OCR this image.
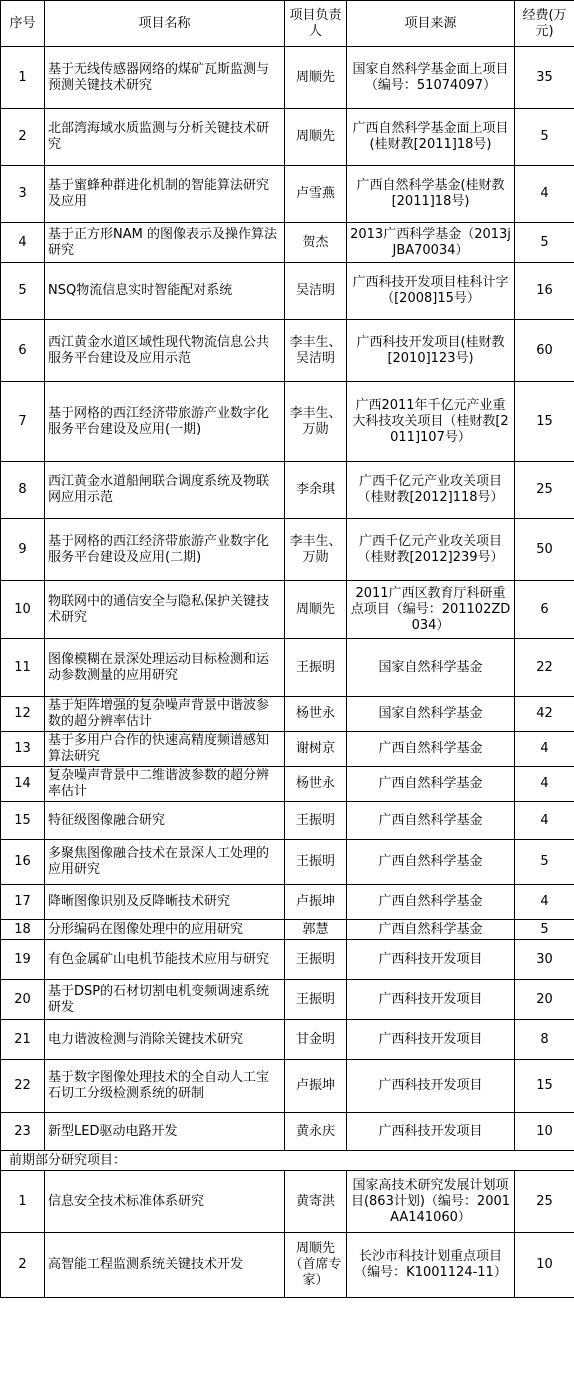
序号	项目名称	项目负责人	项目来源	经费(万元)
1	基于无线传感器网络的煤矿瓦斯监测与预测关键技术研究	周顺先	国家自然科学基金面上项目（编号：51074097）	35
2	北部湾海域水质监测与分析关键技术研究	周顺先	广西自然科学基金面上项目(桂财教[2011]18号)	5
3	基于蜜蜂种群进化机制的智能算法研究及应用	卢雪燕	广西自然科学基金(桂财教[2011]18号)	4
4	基于正方形NAM 的图像表示及操作算法研究	贺杰	2013广西科学基金（2013jJBA70034）	5
5	NSQ物流信息实时智能配对系统	吴洁明	广西科技开发项目桂科计字（[2008]15号）	16
6	西江黄金水道区域性现代物流信息公共服务平台建设及应用示范	李丰生、吴洁明	广西科技开发项目(桂财教[2010]123号)	60
7	基于网格的西江经济带旅游产业数字化服务平台建设及应用(一期)	李丰生、万勋	广西2011年千亿元产业重大科技攻关项目（桂财教[2011]107号）	15
8	西江黄金水道船闸联合调度系统及物联网应用示范	李余琪	广西千亿元产业攻关项目（桂财教[2012]118号）	25
9	基于网格的西江经济带旅游产业数字化服务平台建设及应用(二期)	李丰生、万勋	广西千亿元产业攻关项目（桂财教[2012]239号）	50
10	物联网中的通信安全与隐私保护关键技术研究	周顺先	2011广西区教育厅科研重点项目（编号：201102ZD034）	6
11	图像模糊在景深处理运动目标检测和运动参数测量的应用研究	王振明	国家自然科学基金	22
12	基于矩阵增强的复杂噪声背景中谐波参数的超分辨率估计	杨世永	国家自然科学基金	42
13	基于多用户合作的快速高精度频谱感知算法研究	谢树京	广西自然科学基金	4
14	复杂噪声背景中二维谐波参数的超分辨率估计	杨世永	广西自然科学基金	4
15	特征级图像融合研究	王振明	广西自然科学基金	4
16	多聚焦图像融合技术在景深人工处理的应用研究	王振明	广西自然科学基金	5
17	降晰图像识别及反降晰技术研究	卢振坤	广西自然科学基金	4
18	分形编码在图像处理中的应用研究	郭慧	广西自然科学基金	5
19	有色金属矿山电机节能技术应用与研究	王振明	广西科技开发项目	30
20	基于DSP的石材切割电机变频调速系统研发	王振明	广西科技开发项目	20
21	电力谐波检测与消除关键技术研究	甘金明	广西科技开发项目	8
22	基于数字图像处理技术的全自动人工宝石切工分级检测系统的研制	卢振坤	广西科技开发项目	15
23	新型LED驱动电路开发	黄永庆	广西科技开发项目	10
前期部分研究项目：				
1	信息安全技术标准体系研究	黄寄洪	国家高技术研究发展计划项目(863计划)（编号：2001AA141060）	25
2	高智能工程监测系统关键技术开发	周顺先（首席专家）	长沙市科技计划重点项目（编号：K1001124-11）	10
